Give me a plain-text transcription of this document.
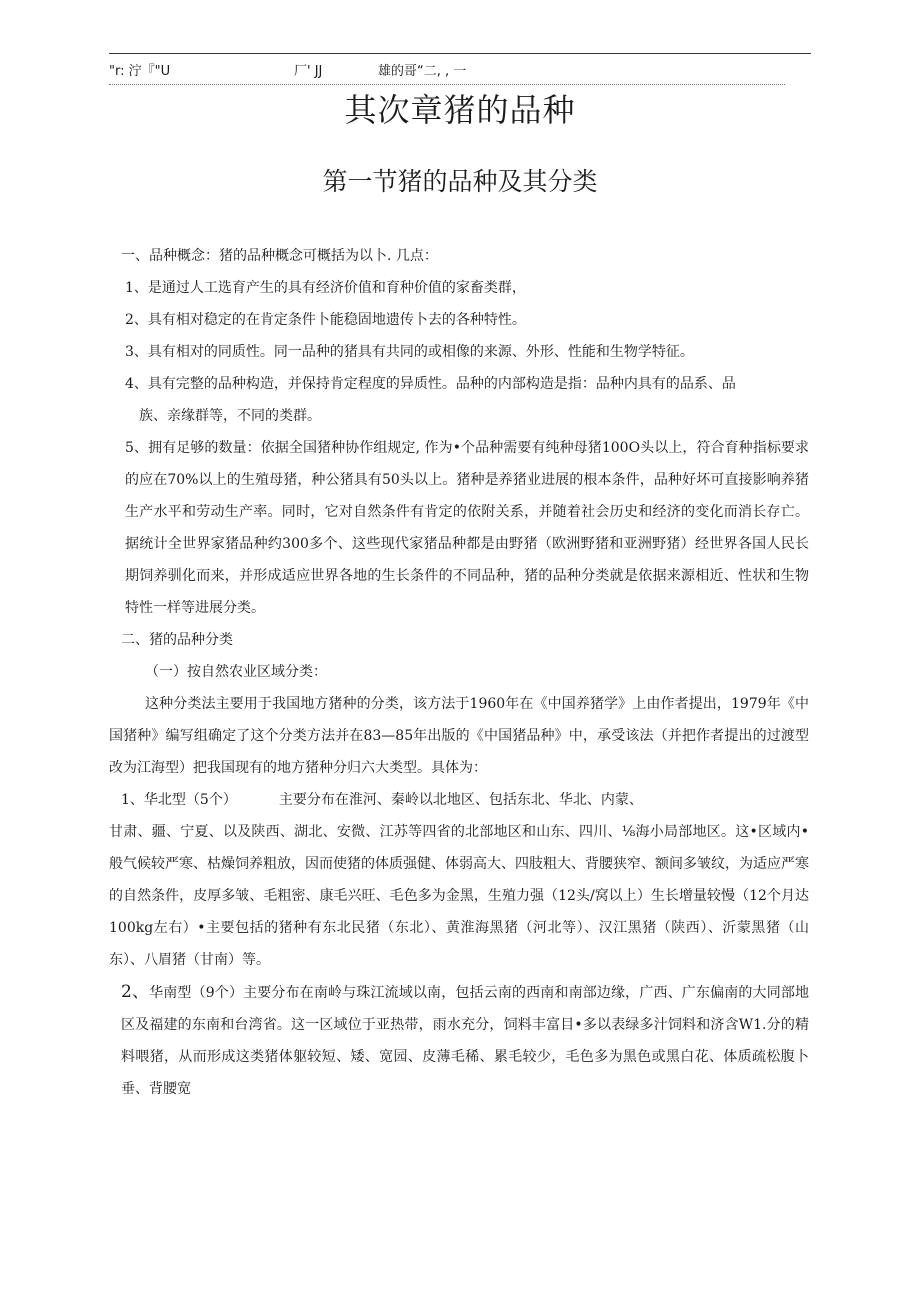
"r: 泞『"U	厂' JJ	雄的哥“二, , 一
其次章猪的品种
第一节猪的品种及其分类

一、品种概念：猪的品种概念可概括为以卜. 几点：

1、是通过人工选育产生的具有经济价值和育种价值的家畜类群，

2、具有相对稳定的在肯定条件卜能稳固地遗传卜去的各种特性。

3、具有相对的同质性。同一品种的猪具有共同的或相像的来源、外形、性能和生物学特征。

4、具有完整的品种构造，并保持肯定程度的异质性。品种的内部构造是指：品种内具有的品系、品

族、亲缘群等，不同的类群。

5、拥有足够的数量：依据全国猪种协作组规定, 作为•个品种需要有纯种母猪100O头以上，符合育种指标要求的应在70%以上的生殖母猪，种公猪具有50头以上。猪种是养猪业进展的根本条件，品种好坏可直接影响养猪生产水平和劳动生产率。同时，它对自然条件有肯定的依附关系，并随着社会历史和经济的变化而消长存亡。据统计全世界家猪品种约300多个、这些现代家猪品种都是由野猪（欧洲野猪和亚洲野猪）经世界各国人民长期饲养驯化而来，并形成适应世界各地的生长条件的不同品种，猪的品种分类就是依据来源相近、性状和生物特性一样等进展分类。

二、猪的品种分类

（一）按自然农业区域分类：

这种分类法主要用于我国地方猪种的分类，该方法于1960年在《中国养猪学》上由作者提出，1979年《中国猪种》编写组确定了这个分类方法并在83—85年出版的《中国猪品种》中，承受该法（并把作者提出的过渡型改为江海型）把我国现有的地方猪种分归六大类型。具体为：

1、华北型（5个）	主要分布在淮河、秦岭以北地区、包括东北、华北、内蒙、

甘肃、疆、宁夏、以及陕西、湖北、安微、江苏等四省的北部地区和山东、四川、⅛海小局部地区。这•区域内•般气候较严寒、枯燥饲养粗放，因而使猪的体质强健、体弱高大、四肢粗大、背腰狭窄、额间多皱纹，为适应严寒的自然条件，皮厚多皱、毛粗密、康毛兴旺、毛色多为金黑，生殖力强（12头/窝以上）生长增量较慢（12个月达100kg左右）•主要包括的猪种有东北民猪（东北）、黄淮海黑猪（河北等）、汉江黑猪（陕西）、沂蒙黑猪（山东）、八眉猪（甘南）等。

2、华南型（9个）主要分布在南岭与珠江流域以南，包括云南的西南和南部边缘，广西、广东偏南的大同部地区及福建的东南和台湾省。这一区域位于亚热带，雨水充分，饲料丰富目•多以表绿多汁饲料和济含W1.分的精料喂猪，从而形成这类猪体躯较短、矮、宽园、皮薄毛稀、累毛较少，毛色多为黑色或黑白花、体质疏松腹卜垂、背腰宽
